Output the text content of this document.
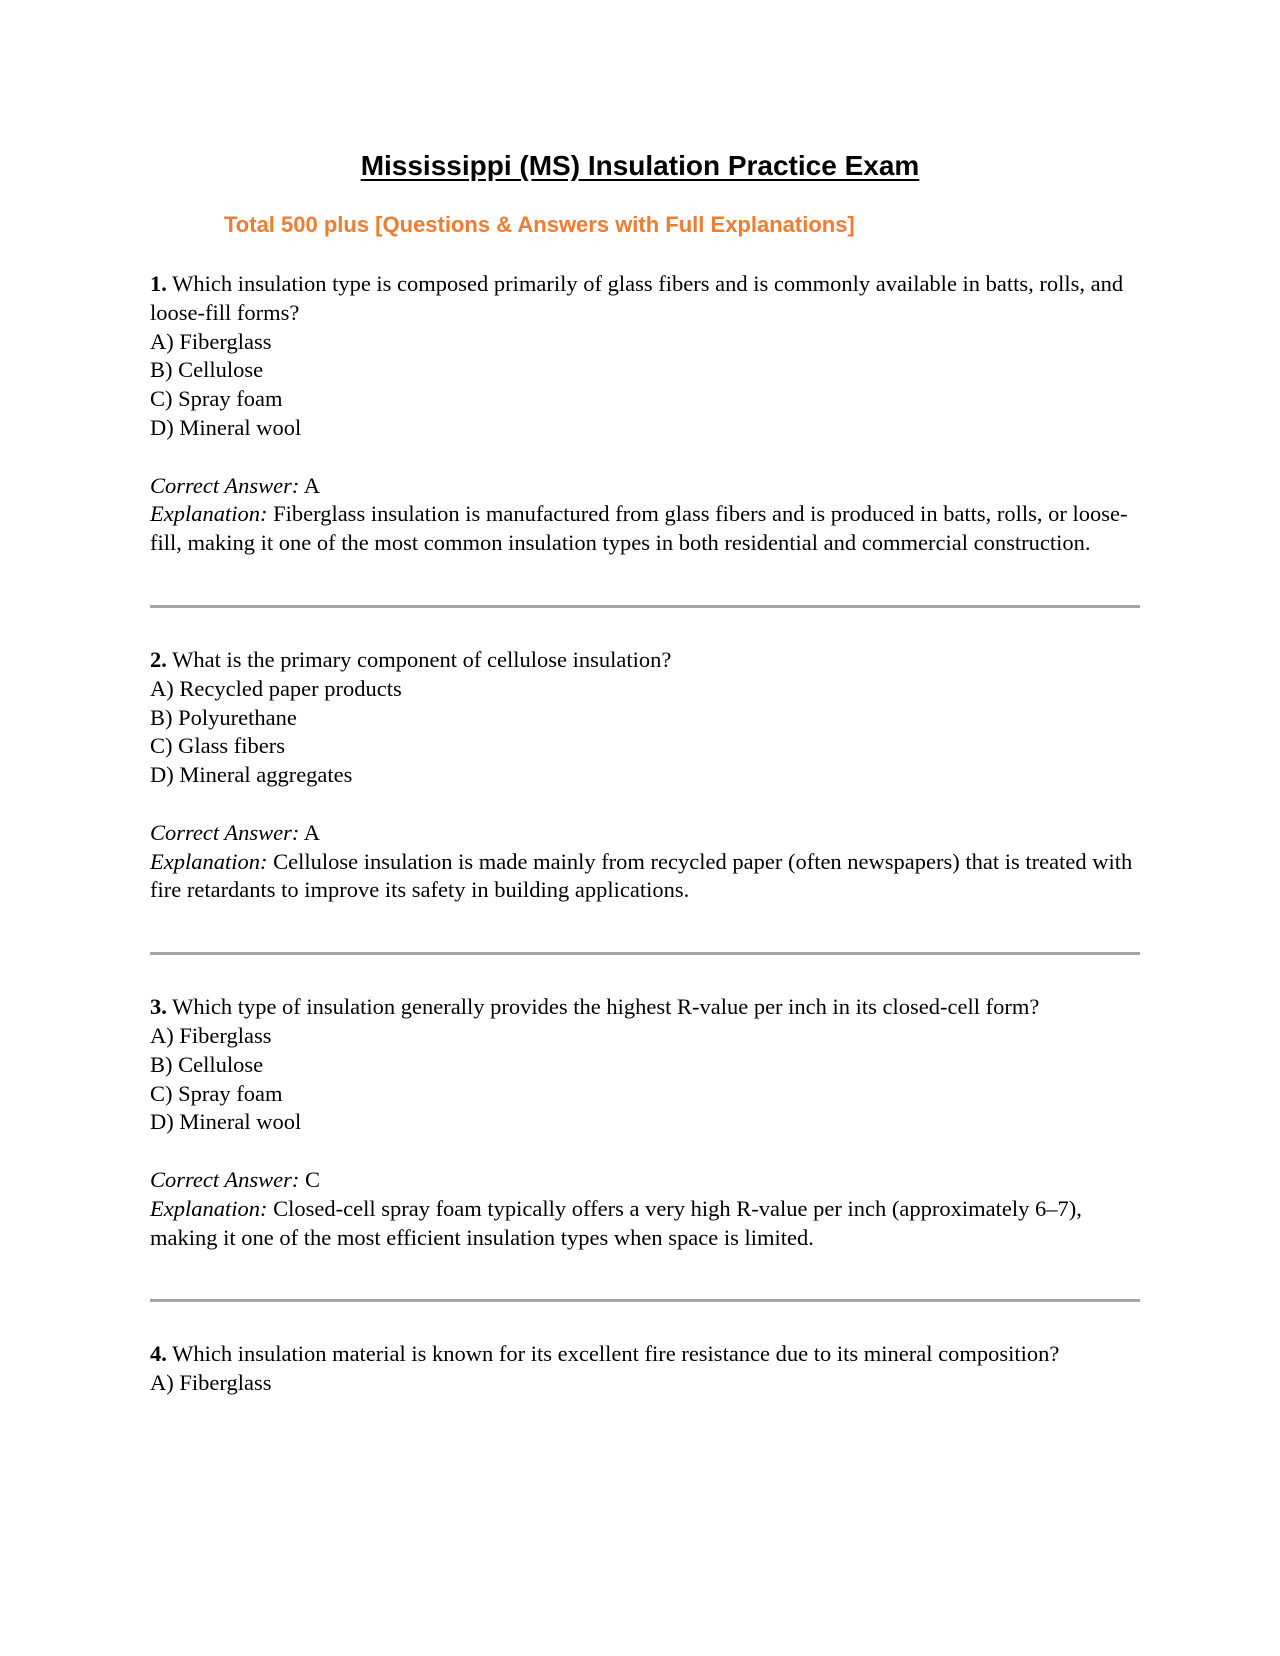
Mississippi (MS) Insulation Practice Exam

Total 500 plus [Questions & Answers with Full Explanations]

1. Which insulation type is composed primarily of glass fibers and is commonly available in batts, rolls, and loose-fill forms?

A) Fiberglass

B) Cellulose

C) Spray foam

D) Mineral wool

Correct Answer: A

Explanation: Fiberglass insulation is manufactured from glass fibers and is produced in batts, rolls, or loose-fill, making it one of the most common insulation types in both residential and commercial construction.

2. What is the primary component of cellulose insulation?

A) Recycled paper products

B) Polyurethane

C) Glass fibers

D) Mineral aggregates

Correct Answer: A

Explanation: Cellulose insulation is made mainly from recycled paper (often newspapers) that is treated with fire retardants to improve its safety in building applications.

3. Which type of insulation generally provides the highest R-value per inch in its closed-cell form?

A) Fiberglass

B) Cellulose

C) Spray foam

D) Mineral wool

Correct Answer: C

Explanation: Closed-cell spray foam typically offers a very high R-value per inch (approximately 6–7), making it one of the most efficient insulation types when space is limited.

4. Which insulation material is known for its excellent fire resistance due to its mineral composition?

A) Fiberglass
